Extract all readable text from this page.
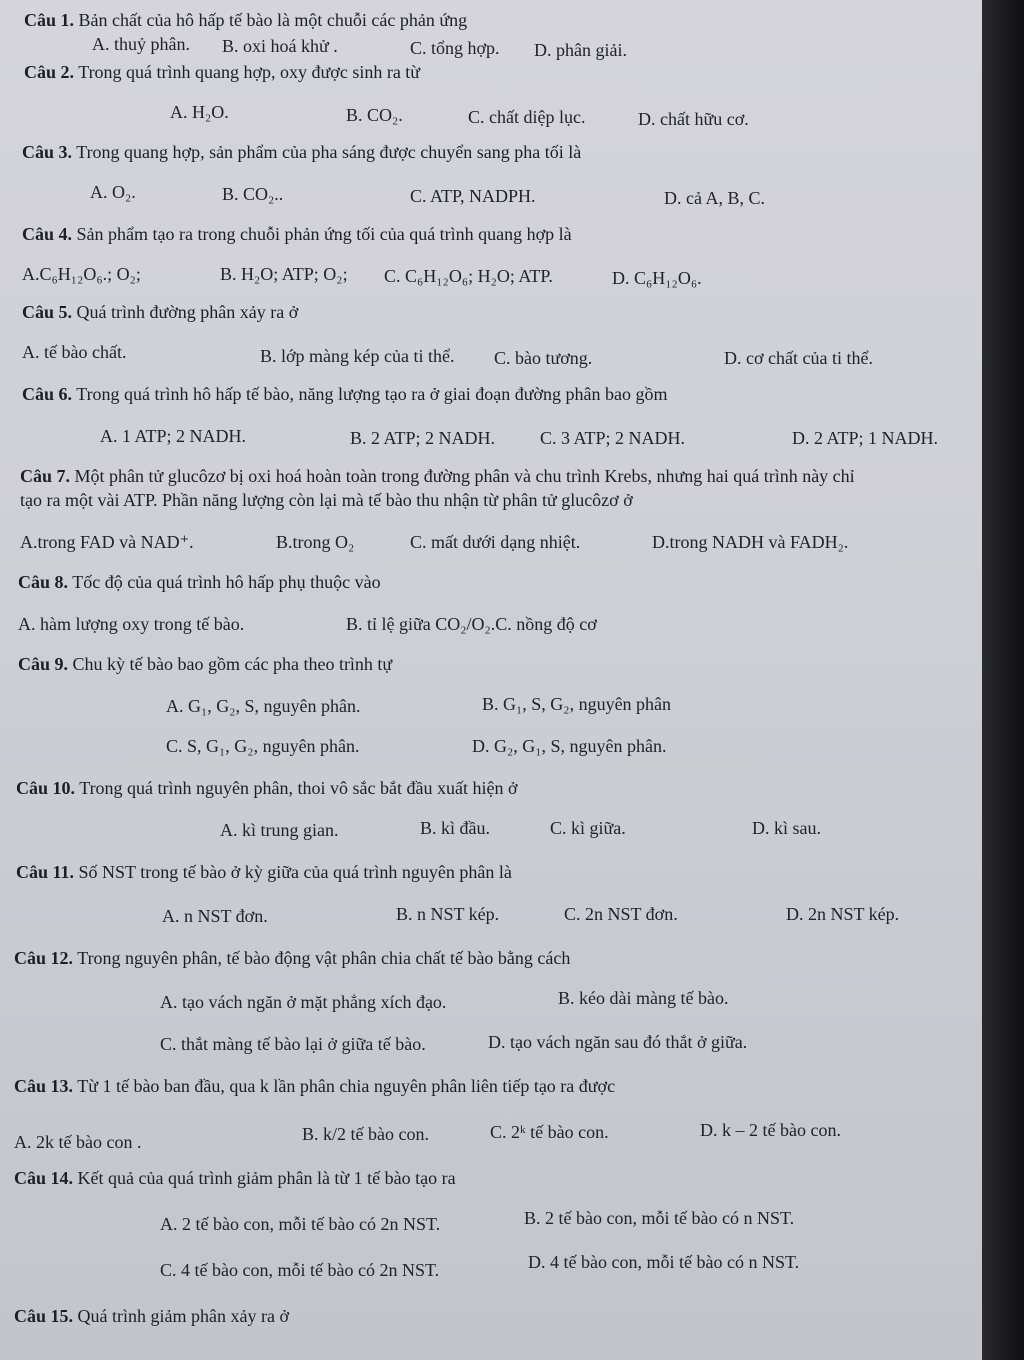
Câu 1. Bản chất của hô hấp tế bào là một chuỗi các phản ứng
A. thuỷ phân. B. oxi hoá khử .	C. tổng hợp. D. phân giải.
Câu 2. Trong quá trình quang hợp, oxy được sinh ra từ
A. H₂O.	B. CO₂.	C. chất diệp lục.	D. chất hữu cơ.
Câu 3. Trong quang hợp, sản phẩm của pha sáng được chuyển sang pha tối là
A. O₂.	B. CO₂..	C. ATP, NADPH.	D. cả A, B, C.
Câu 4. Sản phẩm tạo ra trong chuỗi phản ứng tối của quá trình quang hợp là
A.C₆H₁₂O₆.; O₂;	B. H₂O; ATP; O₂; C. C₆H₁₂O₆; H₂O; ATP.	D. C₆H₁₂O₆.
Câu 5. Quá trình đường phân xảy ra ở
A. tế bào chất.	B. lớp màng kép của ti thể. C. bào tương.	D. cơ chất của ti thể.
Câu 6. Trong quá trình hô hấp tế bào, năng lượng tạo ra ở giai đoạn đường phân bao gồm
A. 1 ATP; 2 NADH.	B. 2 ATP; 2 NADH. C. 3 ATP; 2 NADH.	D. 2 ATP; 1 NADH.
Câu 7. Một phân tử glucôzơ bị oxi hoá hoàn toàn trong đường phân và chu trình Krebs, nhưng hai quá trình này chỉ
tạo ra một vài ATP. Phần năng lượng còn lại mà tế bào thu nhận từ phân tử glucôzơ ở
A.trong FAD và NAD⁺.	B.trong O₂	C. mất dưới dạng nhiệt.	D.trong NADH và FADH₂.
Câu 8. Tốc độ của quá trình hô hấp phụ thuộc vào
A. hàm lượng oxy trong tế bào.	B. tỉ lệ giữa CO₂/O₂.C. nồng độ cơ
Câu 9. Chu kỳ tế bào bao gồm các pha theo trình tự
A. G₁, G₂, S, nguyên phân.	B. G₁, S, G₂, nguyên phân
C. S, G₁, G₂, nguyên phân.	D. G₂, G₁, S, nguyên phân.
Câu 10. Trong quá trình nguyên phân, thoi vô sắc bắt đầu xuất hiện ở
A. kì trung gian.	B. kì đầu.	C. kì giữa.	D. kì sau.
Câu 11. Số NST trong tế bào ở kỳ giữa của quá trình nguyên phân là
A. n NST đơn.	B. n NST kép.	C. 2n NST đơn.	D. 2n NST kép.
Câu 12. Trong nguyên phân, tế bào động vật phân chia chất tế bào bằng cách
A. tạo vách ngăn ở mặt phẳng xích đạo.	B. kéo dài màng tế bào.
C. thắt màng tế bào lại ở giữa tế bào.	D. tạo vách ngăn sau đó thắt ở giữa.
Câu 13. Từ 1 tế bào ban đầu, qua k lần phân chia nguyên phân liên tiếp tạo ra được
A. 2k tế bào con .	B. k/2 tế bào con.	C. 2ᵏ tế bào con.	D. k – 2 tế bào con.
Câu 14. Kết quả của quá trình giảm phân là từ 1 tế bào tạo ra
A. 2 tế bào con, mỗi tế bào có 2n NST.	B. 2 tế bào con, mỗi tế bào có n NST.
C. 4 tế bào con, mỗi tế bào có 2n NST.	D. 4 tế bào con, mỗi tế bào có n NST.
Câu 15. Quá trình giảm phân xảy ra ở
